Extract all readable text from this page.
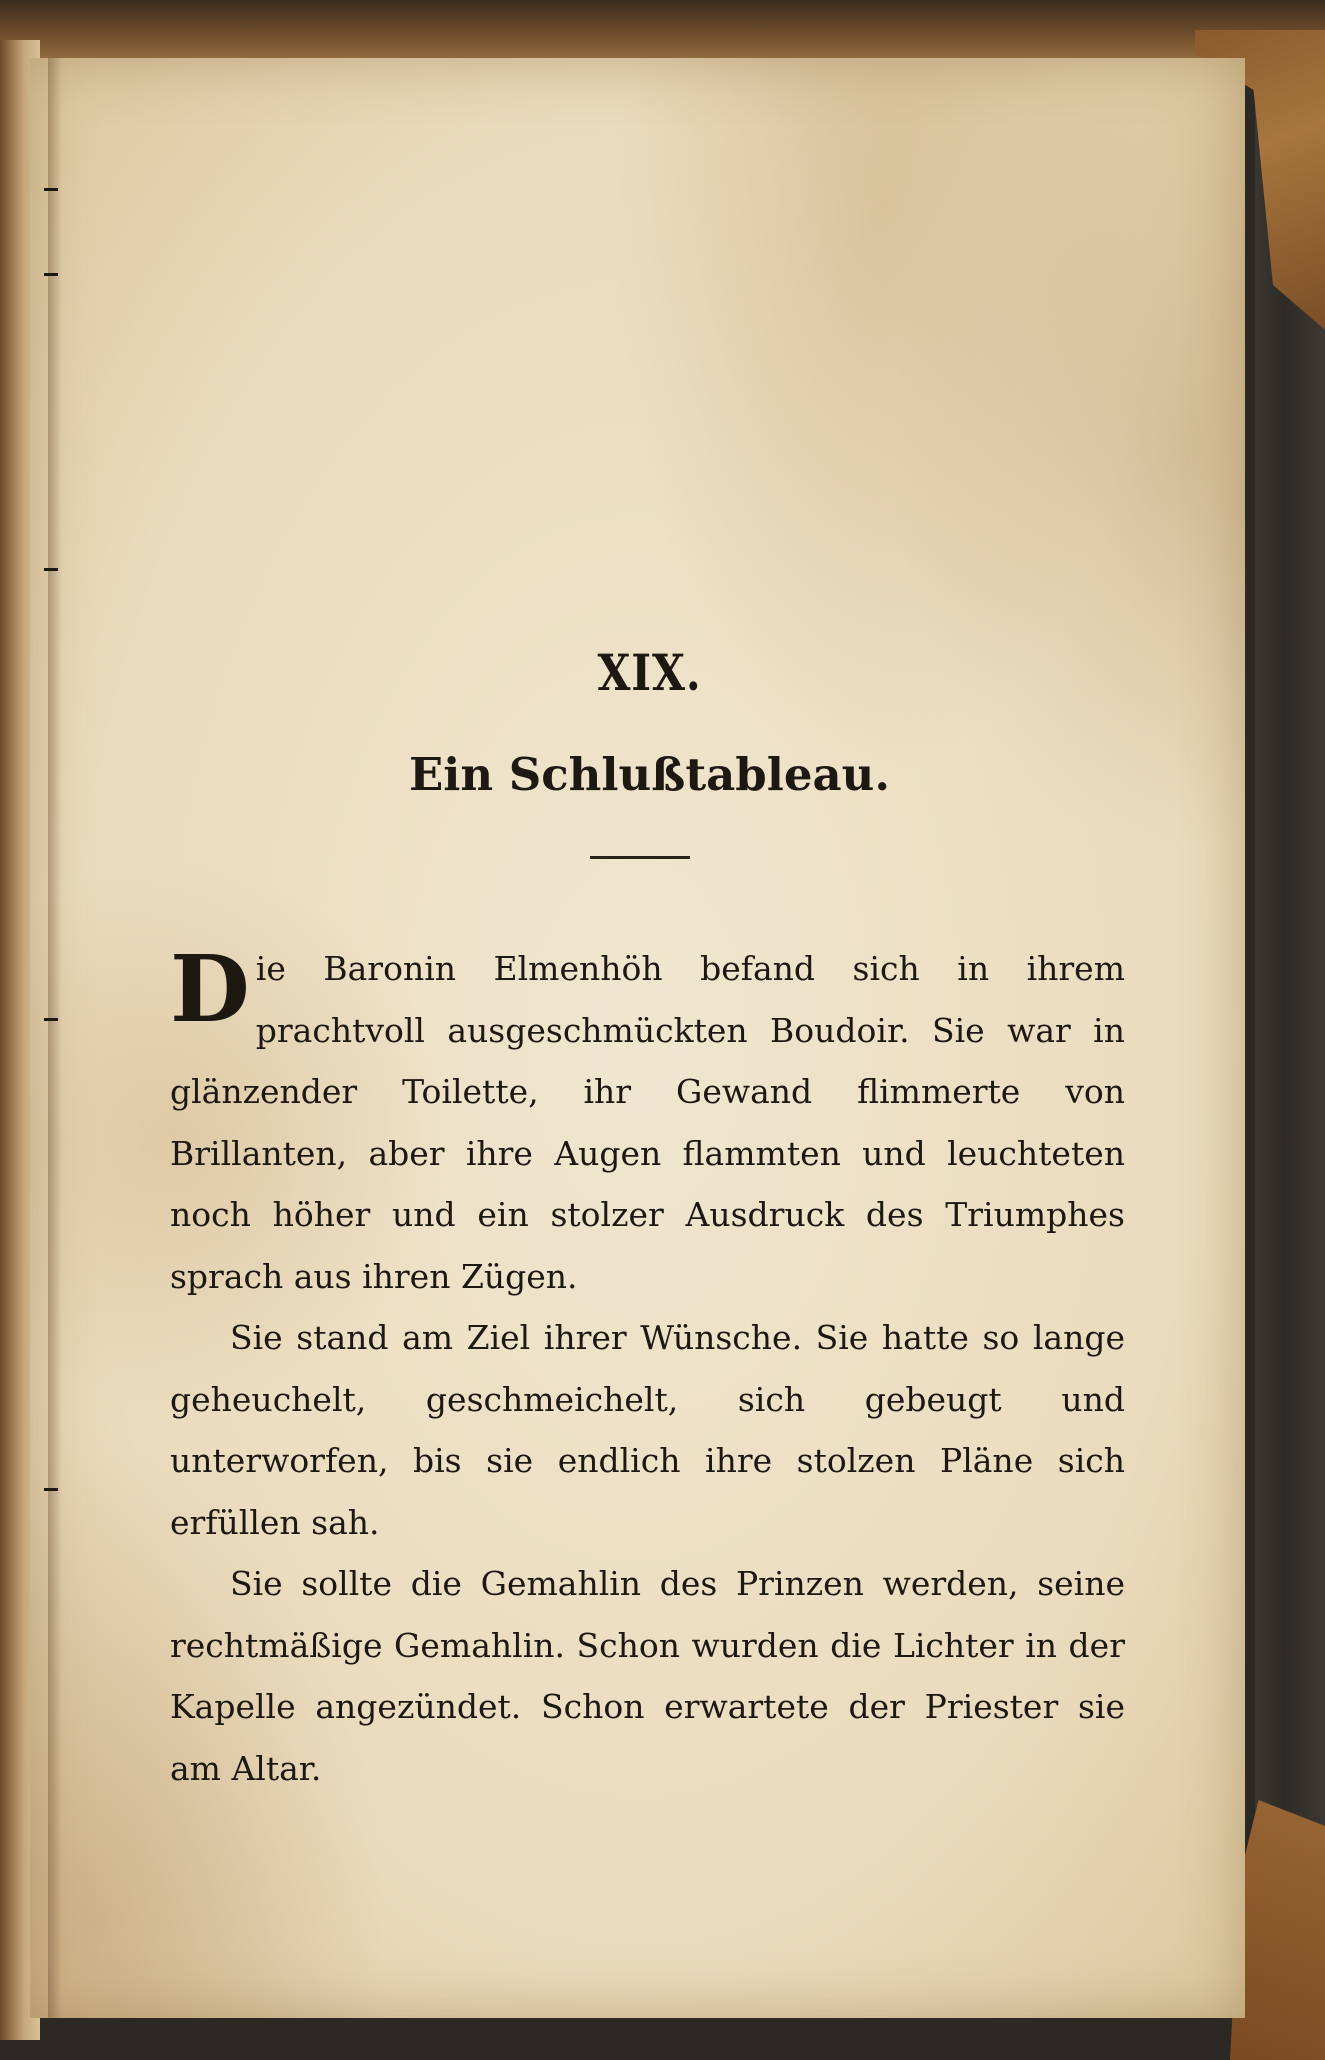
XIX.
Ein Schlußtableau.

Die Baronin Elmenhöh befand sich in ihrem prachtvoll ausgeschmückten Boudoir. Sie war in glänzender Toilette, ihr Gewand flimmerte von Brillanten, aber ihre Augen flammten und leuchteten noch höher und ein stolzer Ausdruck des Triumphes sprach aus ihren Zügen.

Sie stand am Ziel ihrer Wünsche. Sie hatte so lange geheuchelt, geschmeichelt, sich gebeugt und unterworfen, bis sie endlich ihre stolzen Pläne sich erfüllen sah.

Sie sollte die Gemahlin des Prinzen werden, seine rechtmäßige Gemahlin. Schon wurden die Lichter in der Kapelle angezündet. Schon erwartete der Priester sie am Altar.
